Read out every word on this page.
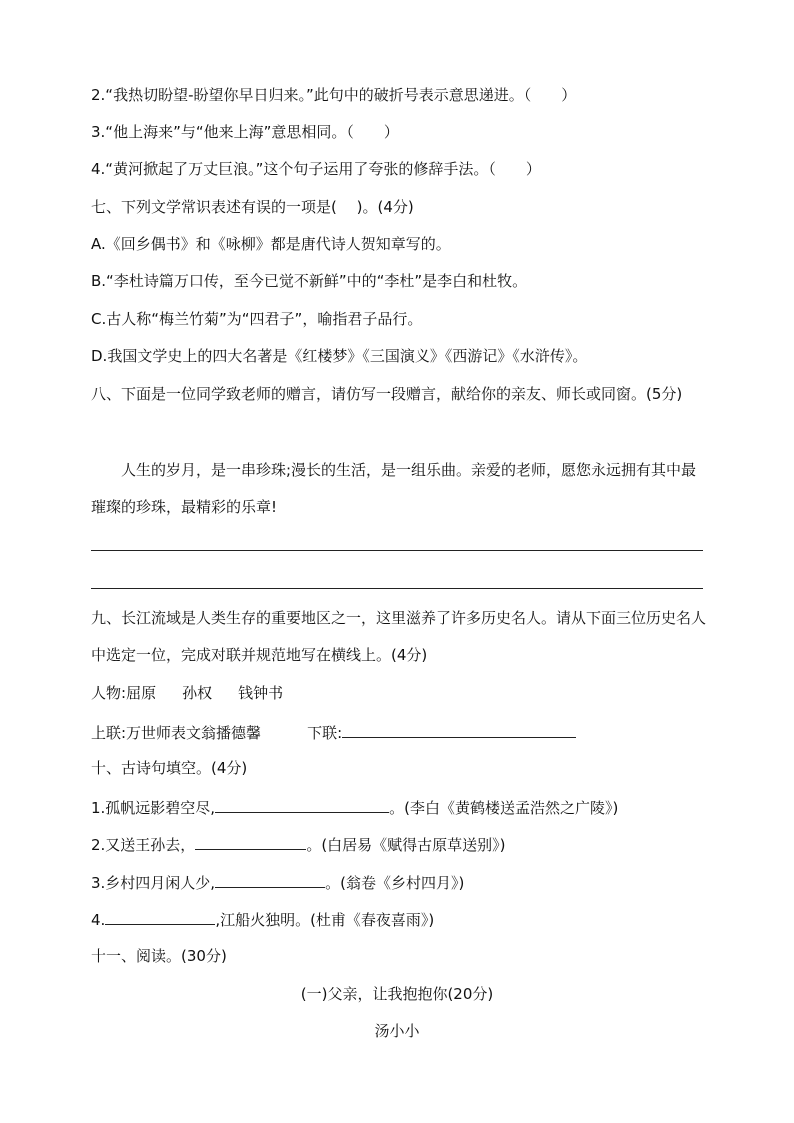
2.“我热切盼望-盼望你早日归来。”此句中的破折号表示意思递进。（　　）
3.“他上海来”与“他来上海”意思相同。（　　）
4.“黄河掀起了万丈巨浪。”这个句子运用了夸张的修辞手法。（　　）
七、下列文学常识表述有误的一项是(　 )。(4分)
A.《回乡偶书》和《咏柳》都是唐代诗人贺知章写的。
B.“李杜诗篇万口传，至今已觉不新鲜”中的“李杜”是李白和杜牧。
C.古人称“梅兰竹菊”为“四君子”，喻指君子品行。
D.我国文学史上的四大名著是《红楼梦》《三国演义》《西游记》《水浒传》。
八、下面是一位同学致老师的赠言，请仿写一段赠言，献给你的亲友、师长或同窗。(5分)
人生的岁月，是一串珍珠;漫长的生活，是一组乐曲。亲爱的老师，愿您永远拥有其中最璀璨的珍珠，最精彩的乐章!
九、长江流域是人类生存的重要地区之一，这里滋养了许多历史名人。请从下面三位历史名人中选定一位，完成对联并规范地写在横线上。(4分)
人物:屈原 孙权 钱钟书
上联:万世师表文翁播德馨	下联:
十、古诗句填空。(4分)
1.孤帆远影碧空尽,	。(李白《黄鹤楼送孟浩然之广陵》)
2.又送王孙去，	。(白居易《赋得古原草送别》)
3.乡村四月闲人少,	。(翁卷《乡村四月》)
4.	,江船火独明。(杜甫《春夜喜雨》)
十一、阅读。(30分)
(一)父亲，让我抱抱你(20分)
汤小小
